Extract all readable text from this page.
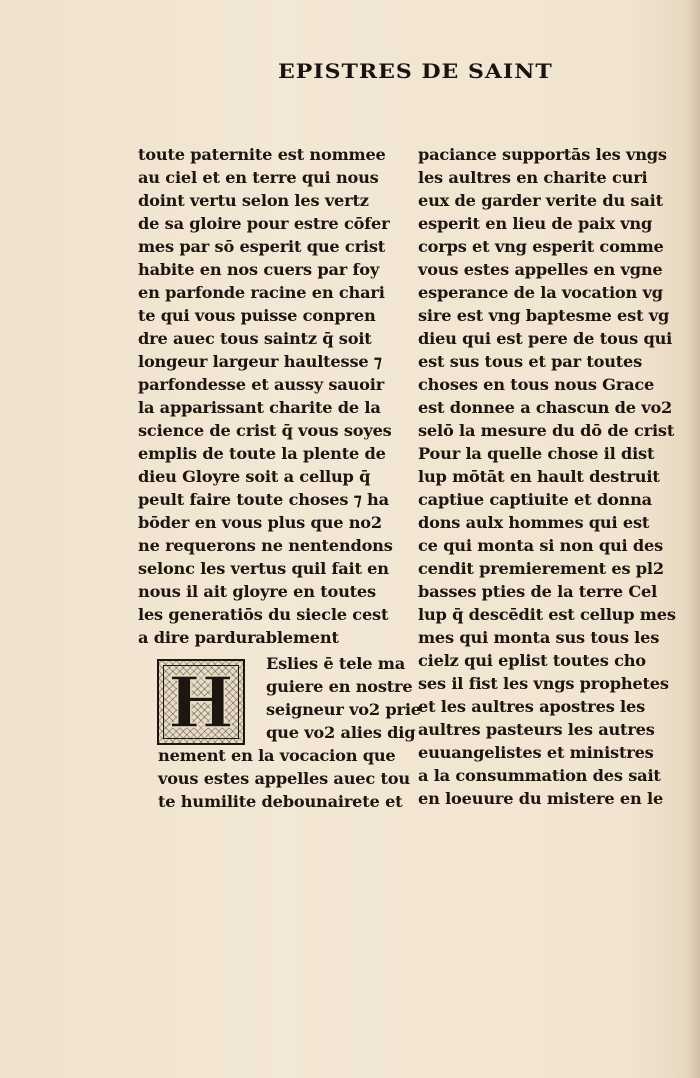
EPISTRES DE SAINT
toute paternite est nommee
au ciel et en terre qui nous
doint vertu selon les vertz
de sa gloire pour estre cōfer
mes par sō esperit que crist
habite en nos cuers par foy
en parfonde racine en chari
te qui vous puisse conpren
dre auec tous saintz q̄ soit
longeur largeur haultesse ⁊
parfondesse et aussy sauoir
la apparissant charite de la
science de crist q̄ vous soyes
emplis de toute la plente de
dieu Gloyre soit a cellup q̄
peult faire toute choses ⁊ ha
bōder en vous plus que no2
ne requerons ne nentendons
selonc les vertus quil fait en
nous il ait gloyre en toutes
les generatiōs du siecle cest
a dire pardurablement
H	Eslies ē tele ma
guiere en nostre
seigneur vo2 prie
que vo2 alies dig
nement en la vocacion que
vous estes appelles auec tou
te humilite debounairete et
paciance supportās les vngs
les aultres en charite curi
eux de garder verite du sait
esperit en lieu de paix vng
corps et vng esperit comme
vous estes appelles en vgne
esperance de la vocation vg
sire est vng baptesme est vg
dieu qui est pere de tous qui
est sus tous et par toutes
choses en tous nous Grace
est donnee a chascun de vo2
selō la mesure du dō de crist
Pour la quelle chose il dist
lup mōtāt en hault destruit
captiue captiuite et donna
dons aulx hommes qui est
ce qui monta si non qui des
cendit premierement es pl2
basses pties de la terre Cel
lup q̄ descēdit est cellup mes
mes qui monta sus tous les
cielz qui eplist toutes cho
ses il fist les vngs prophetes
et les aultres apostres les
aultres pasteurs les autres
euuangelistes et ministres
a la consummation des sait
en loeuure du mistere en le
